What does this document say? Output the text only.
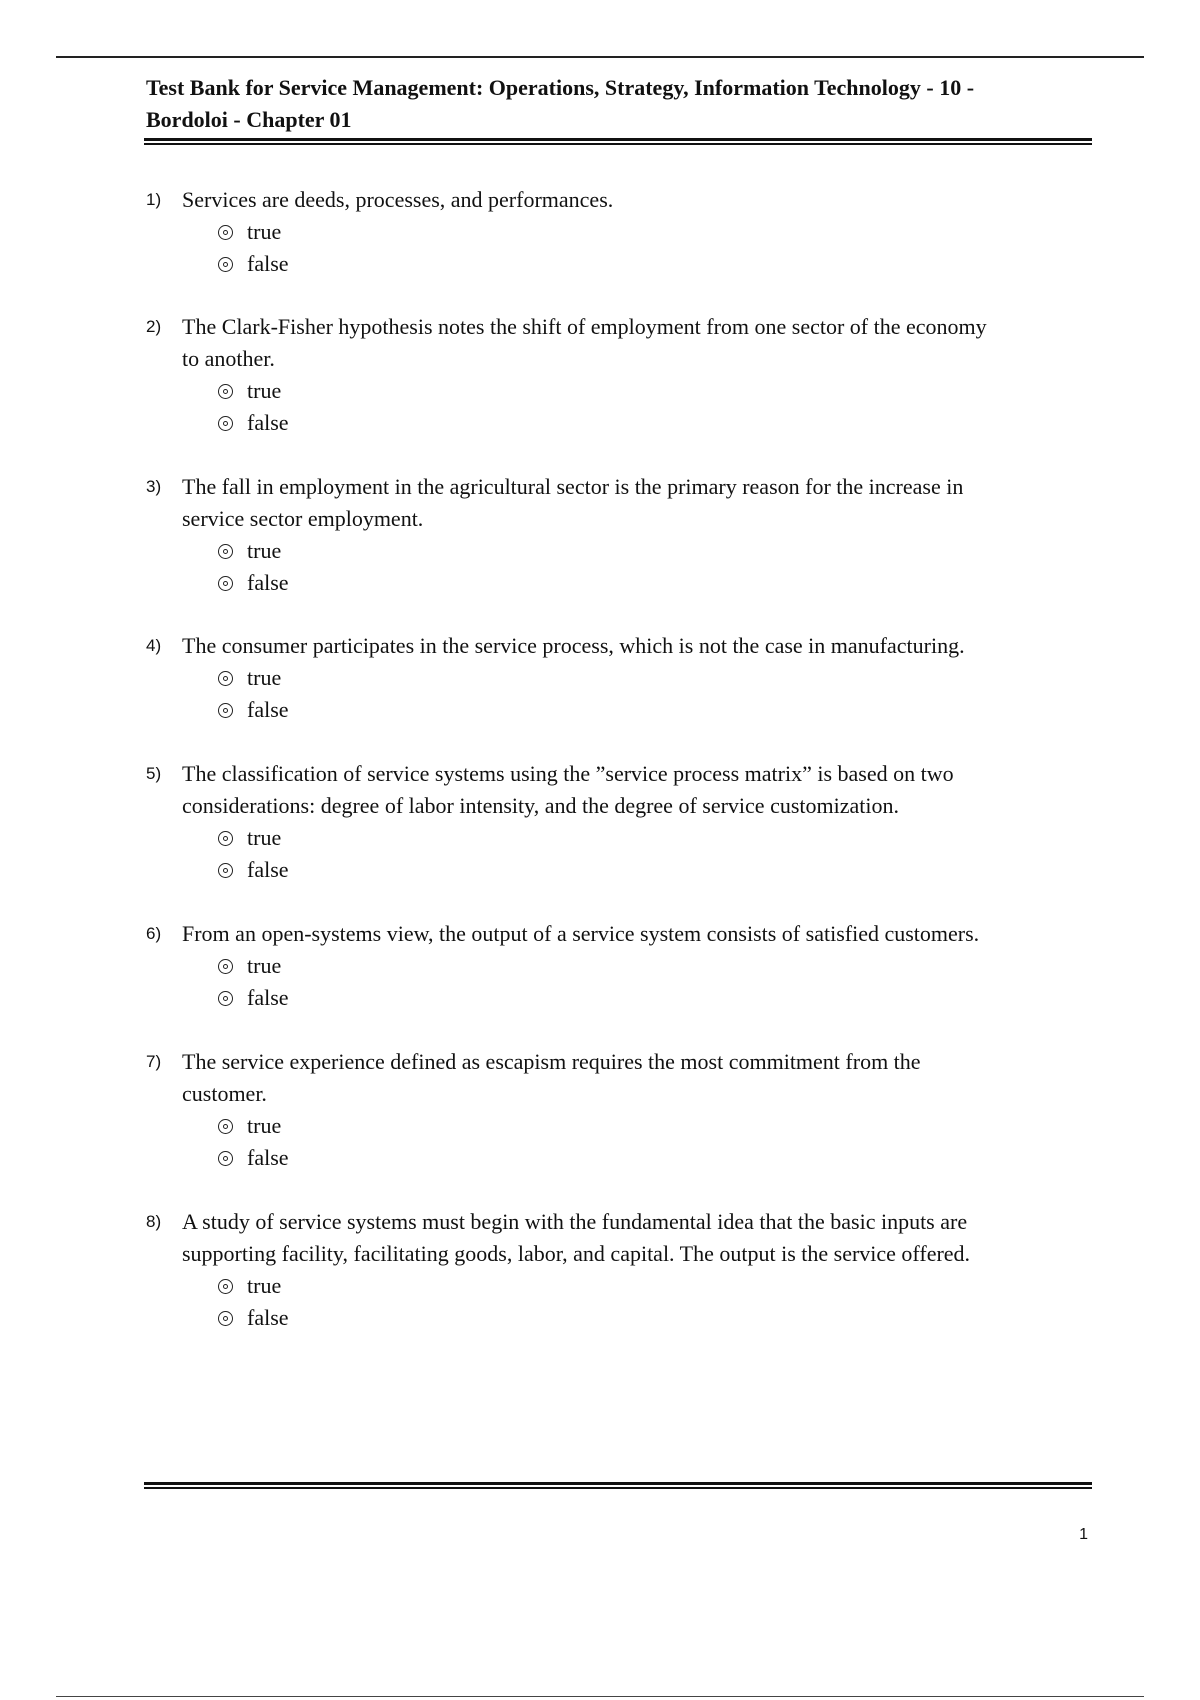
Test Bank for Service Management: Operations, Strategy, Information Technology - 10 -
Bordoloi - Chapter 01

1) Services are deeds, processes, and performances.
true
false
2) The Clark-Fisher hypothesis notes the shift of employment from one sector of the economy
to another.
true
false
3) The fall in employment in the agricultural sector is the primary reason for the increase in
service sector employment.
true
false
4) The consumer participates in the service process, which is not the case in manufacturing.
true
false
5) The classification of service systems using the ”service process matrix” is based on two
considerations: degree of labor intensity, and the degree of service customization.
true
false
6) From an open-systems view, the output of a service system consists of satisfied customers.
true
false
7) The service experience defined as escapism requires the most commitment from the
customer.
true
false
8) A study of service systems must begin with the fundamental idea that the basic inputs are
supporting facility, facilitating goods, labor, and capital. The output is the service offered.
true
false
1
